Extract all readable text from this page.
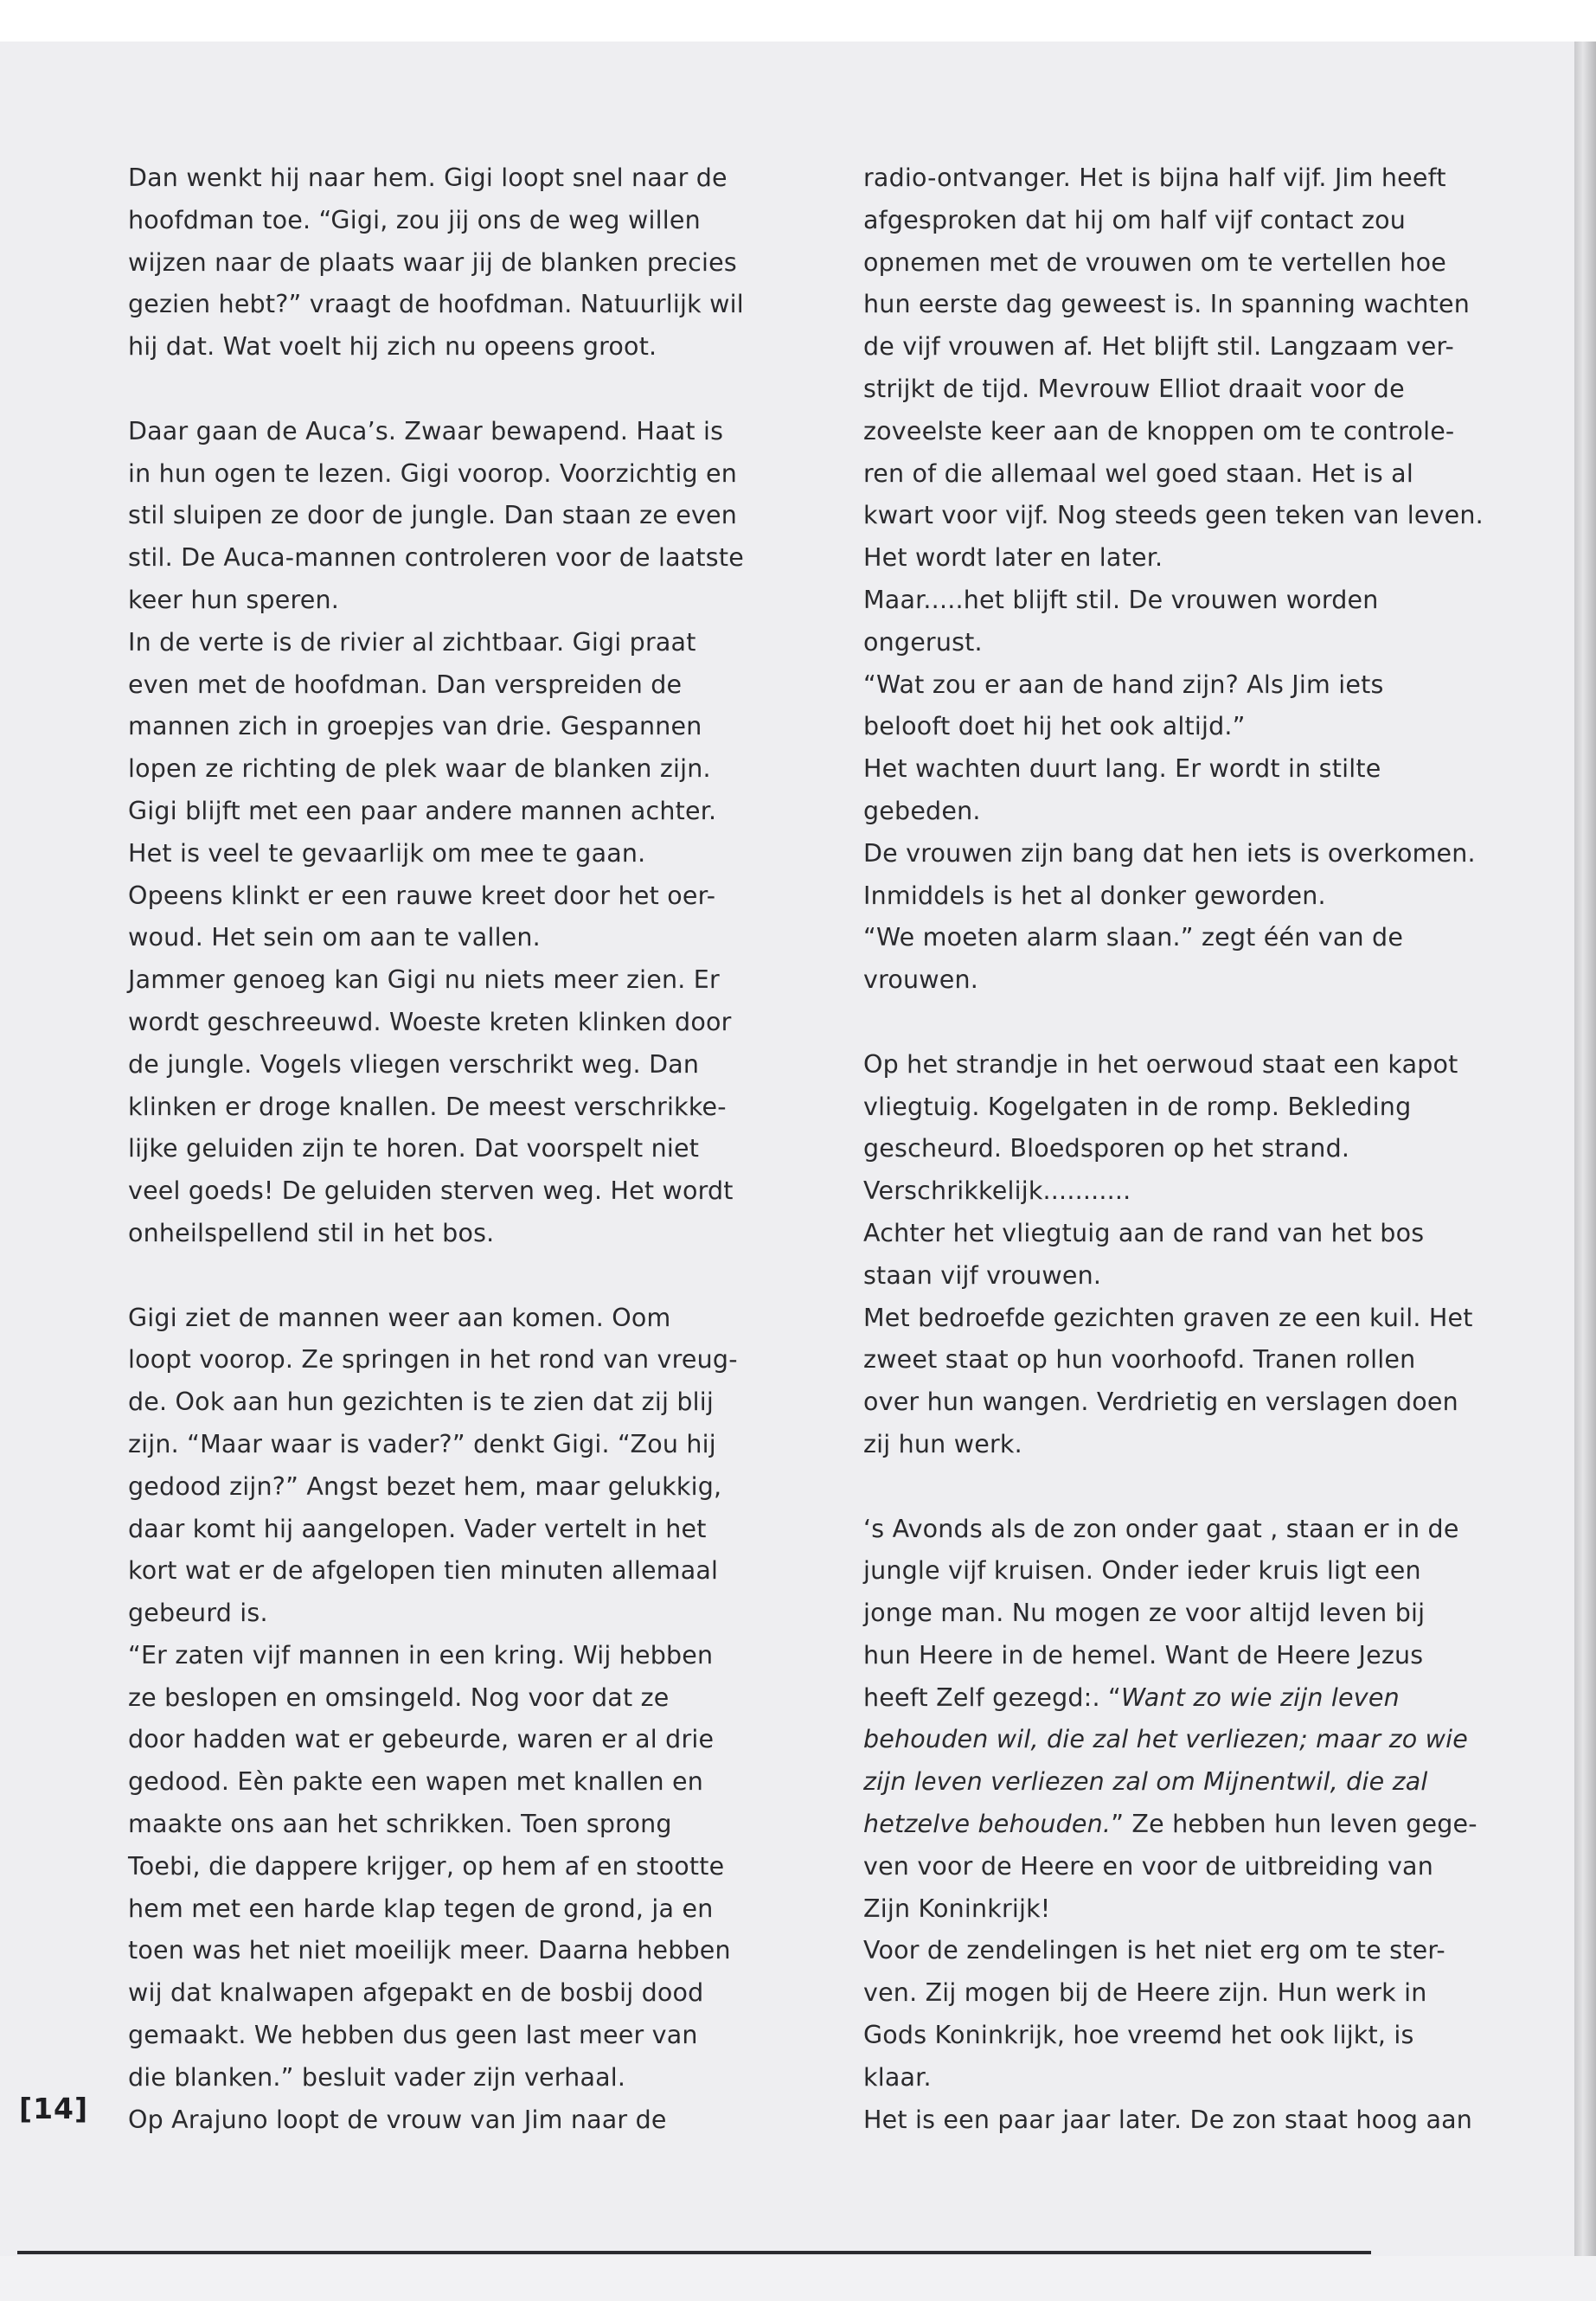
Dan wenkt hij naar hem. Gigi loopt snel naar de
hoofdman toe. “Gigi, zou jij ons de weg willen
wijzen naar de plaats waar jij de blanken precies
gezien hebt?” vraagt de hoofdman. Natuurlijk wil
hij dat. Wat voelt hij zich nu opeens groot.

Daar gaan de Auca’s. Zwaar bewapend. Haat is
in hun ogen te lezen. Gigi voorop. Voorzichtig en
stil sluipen ze door de jungle. Dan staan ze even
stil. De Auca-mannen controleren voor de laatste
keer hun speren.

In de verte is de rivier al zichtbaar. Gigi praat
even met de hoofdman. Dan verspreiden de
mannen zich in groepjes van drie. Gespannen
lopen ze richting de plek waar de blanken zijn.
Gigi blijft met een paar andere mannen achter.
Het is veel te gevaarlijk om mee te gaan.

Opeens klinkt er een rauwe kreet door het oer-
woud. Het sein om aan te vallen.

Jammer genoeg kan Gigi nu niets meer zien. Er
wordt geschreeuwd. Woeste kreten klinken door
de jungle. Vogels vliegen verschrikt weg. Dan
klinken er droge knallen. De meest verschrikke-
lijke geluiden zijn te horen. Dat voorspelt niet
veel goeds! De geluiden sterven weg. Het wordt
onheilspellend stil in het bos.

Gigi ziet de mannen weer aan komen. Oom
loopt voorop. Ze springen in het rond van vreug-
de. Ook aan hun gezichten is te zien dat zij blij
zijn. “Maar waar is vader?” denkt Gigi. “Zou hij
gedood zijn?” Angst bezet hem, maar gelukkig,
daar komt hij aangelopen. Vader vertelt in het
kort wat er de afgelopen tien minuten allemaal
gebeurd is.

“Er zaten vijf mannen in een kring. Wij hebben
ze beslopen en omsingeld. Nog voor dat ze
door hadden wat er gebeurde, waren er al drie
gedood. Eèn pakte een wapen met knallen en
maakte ons aan het schrikken. Toen sprong
Toebi, die dappere krijger, op hem af en stootte
hem met een harde klap tegen de grond, ja en
toen was het niet moeilijk meer. Daarna hebben
wij dat knalwapen afgepakt en de bosbij dood
gemaakt. We hebben dus geen last meer van
die blanken.” besluit vader zijn verhaal.

Op Arajuno loopt de vrouw van Jim naar de

radio-ontvanger. Het is bijna half vijf. Jim heeft
afgesproken dat hij om half vijf contact zou
opnemen met de vrouwen om te vertellen hoe
hun eerste dag geweest is. In spanning wachten
de vijf vrouwen af. Het blijft stil. Langzaam ver-
strijkt de tijd. Mevrouw Elliot draait voor de
zoveelste keer aan de knoppen om te controle-
ren of die allemaal wel goed staan. Het is al
kwart voor vijf. Nog steeds geen teken van leven.
Het wordt later en later.

Maar.....het blijft stil. De vrouwen worden
ongerust.

“Wat zou er aan de hand zijn? Als Jim iets
belooft doet hij het ook altijd.”

Het wachten duurt lang. Er wordt in stilte
gebeden.

De vrouwen zijn bang dat hen iets is overkomen.
Inmiddels is het al donker geworden.

“We moeten alarm slaan.” zegt één van de
vrouwen.

Op het strandje in het oerwoud staat een kapot
vliegtuig. Kogelgaten in de romp. Bekleding
gescheurd. Bloedsporen op het strand.
Verschrikkelijk...........

Achter het vliegtuig aan de rand van het bos
staan vijf vrouwen.

Met bedroefde gezichten graven ze een kuil. Het
zweet staat op hun voorhoofd. Tranen rollen
over hun wangen. Verdrietig en verslagen doen
zij hun werk.

‘s Avonds als de zon onder gaat , staan er in de
jungle vijf kruisen. Onder ieder kruis ligt een
jonge man. Nu mogen ze voor altijd leven bij
hun Heere in de hemel. Want de Heere Jezus
heeft Zelf gezegd:. “Want zo wie zijn leven
behouden wil, die zal het verliezen; maar zo wie
zijn leven verliezen zal om Mijnentwil, die zal
hetzelve behouden.” Ze hebben hun leven gege-
ven voor de Heere en voor de uitbreiding van
Zijn Koninkrijk!

Voor de zendelingen is het niet erg om te ster-
ven. Zij mogen bij de Heere zijn. Hun werk in
Gods Koninkrijk, hoe vreemd het ook lijkt, is
klaar.

Het is een paar jaar later. De zon staat hoog aan

[14]
